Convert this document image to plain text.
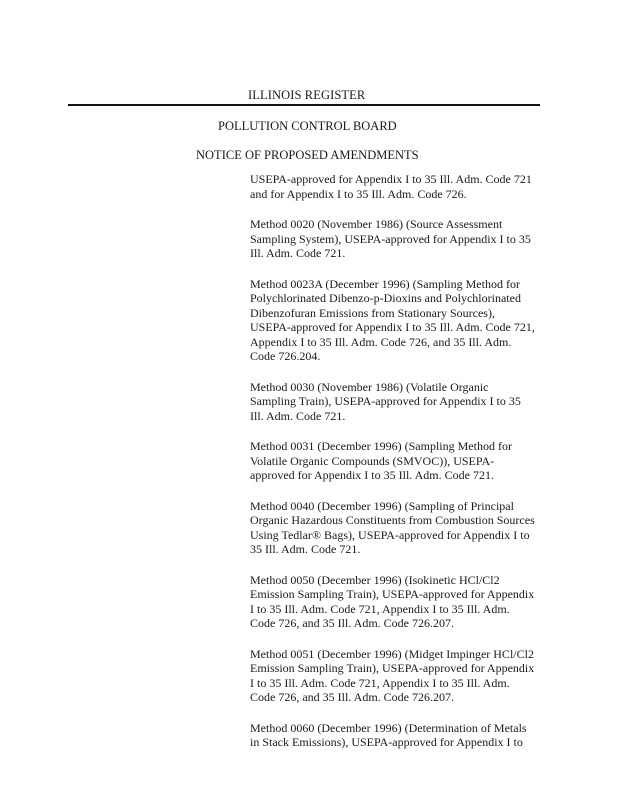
ILLINOIS REGISTER
POLLUTION CONTROL BOARD
NOTICE OF PROPOSED AMENDMENTS
USEPA-approved for Appendix I to 35 Ill. Adm. Code 721
and for Appendix I to 35 Ill. Adm. Code 726.
Method 0020 (November 1986) (Source Assessment
Sampling System), USEPA-approved for Appendix I to 35
Ill. Adm. Code 721.
Method 0023A (December 1996) (Sampling Method for
Polychlorinated Dibenzo-p-Dioxins and Polychlorinated
Dibenzofuran Emissions from Stationary Sources),
USEPA-approved for Appendix I to 35 Ill. Adm. Code 721,
Appendix I to 35 Ill. Adm. Code 726, and 35 Ill. Adm.
Code 726.204.
Method 0030 (November 1986) (Volatile Organic
Sampling Train), USEPA-approved for Appendix I to 35
Ill. Adm. Code 721.
Method 0031 (December 1996) (Sampling Method for
Volatile Organic Compounds (SMVOC)), USEPA-
approved for Appendix I to 35 Ill. Adm. Code 721.
Method 0040 (December 1996) (Sampling of Principal
Organic Hazardous Constituents from Combustion Sources
Using Tedlar® Bags), USEPA-approved for Appendix I to
35 Ill. Adm. Code 721.
Method 0050 (December 1996) (Isokinetic HCl/Cl2
Emission Sampling Train), USEPA-approved for Appendix
I to 35 Ill. Adm. Code 721, Appendix I to 35 Ill. Adm.
Code 726, and 35 Ill. Adm. Code 726.207.
Method 0051 (December 1996) (Midget Impinger HCl/Cl2
Emission Sampling Train), USEPA-approved for Appendix
I to 35 Ill. Adm. Code 721, Appendix I to 35 Ill. Adm.
Code 726, and 35 Ill. Adm. Code 726.207.
Method 0060 (December 1996) (Determination of Metals
in Stack Emissions), USEPA-approved for Appendix I to
